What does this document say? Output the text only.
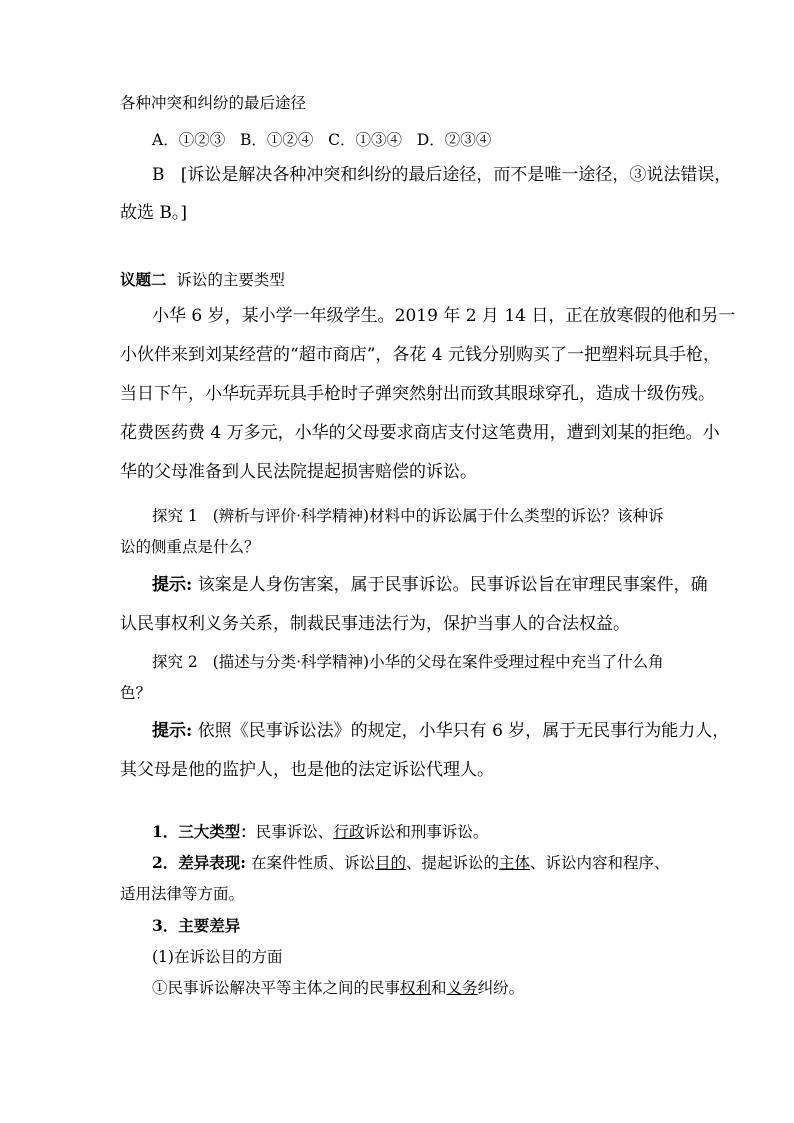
各种冲突和纠纷的最后途径
A．①②③ B．①②④ C．①③④ D．②③④
B [诉讼是解决各种冲突和纠纷的最后途径，而不是唯一途径，③说法错误，
故选 B。]
议题二 诉讼的主要类型
小华 6 岁，某小学一年级学生。2019 年 2 月 14 日，正在放寒假的他和另一
小伙伴来到刘某经营的“超市商店”，各花 4 元钱分别购买了一把塑料玩具手枪，
当日下午，小华玩弄玩具手枪时子弹突然射出而致其眼球穿孔，造成十级伤残。
花费医药费 4 万多元，小华的父母要求商店支付这笔费用，遭到刘某的拒绝。小
华的父母准备到人民法院提起损害赔偿的诉讼。
探究 1 (辨析与评价·科学精神)材料中的诉讼属于什么类型的诉讼？该种诉
讼的侧重点是什么？
提示: 该案是人身伤害案，属于民事诉讼。民事诉讼旨在审理民事案件，确
认民事权利义务关系，制裁民事违法行为，保护当事人的合法权益。
探究 2 (描述与分类·科学精神)小华的父母在案件受理过程中充当了什么角
色？
提示: 依照《民事诉讼法》的规定，小华只有 6 岁，属于无民事行为能力人，
其父母是他的监护人，也是他的法定诉讼代理人。
1．三大类型：民事诉讼、行政诉讼和刑事诉讼。
2．差异表现: 在案件性质、诉讼目的、提起诉讼的主体、诉讼内容和程序、
适用法律等方面。
3．主要差异
(1)在诉讼目的方面
①民事诉讼解决平等主体之间的民事权利和义务纠纷。
